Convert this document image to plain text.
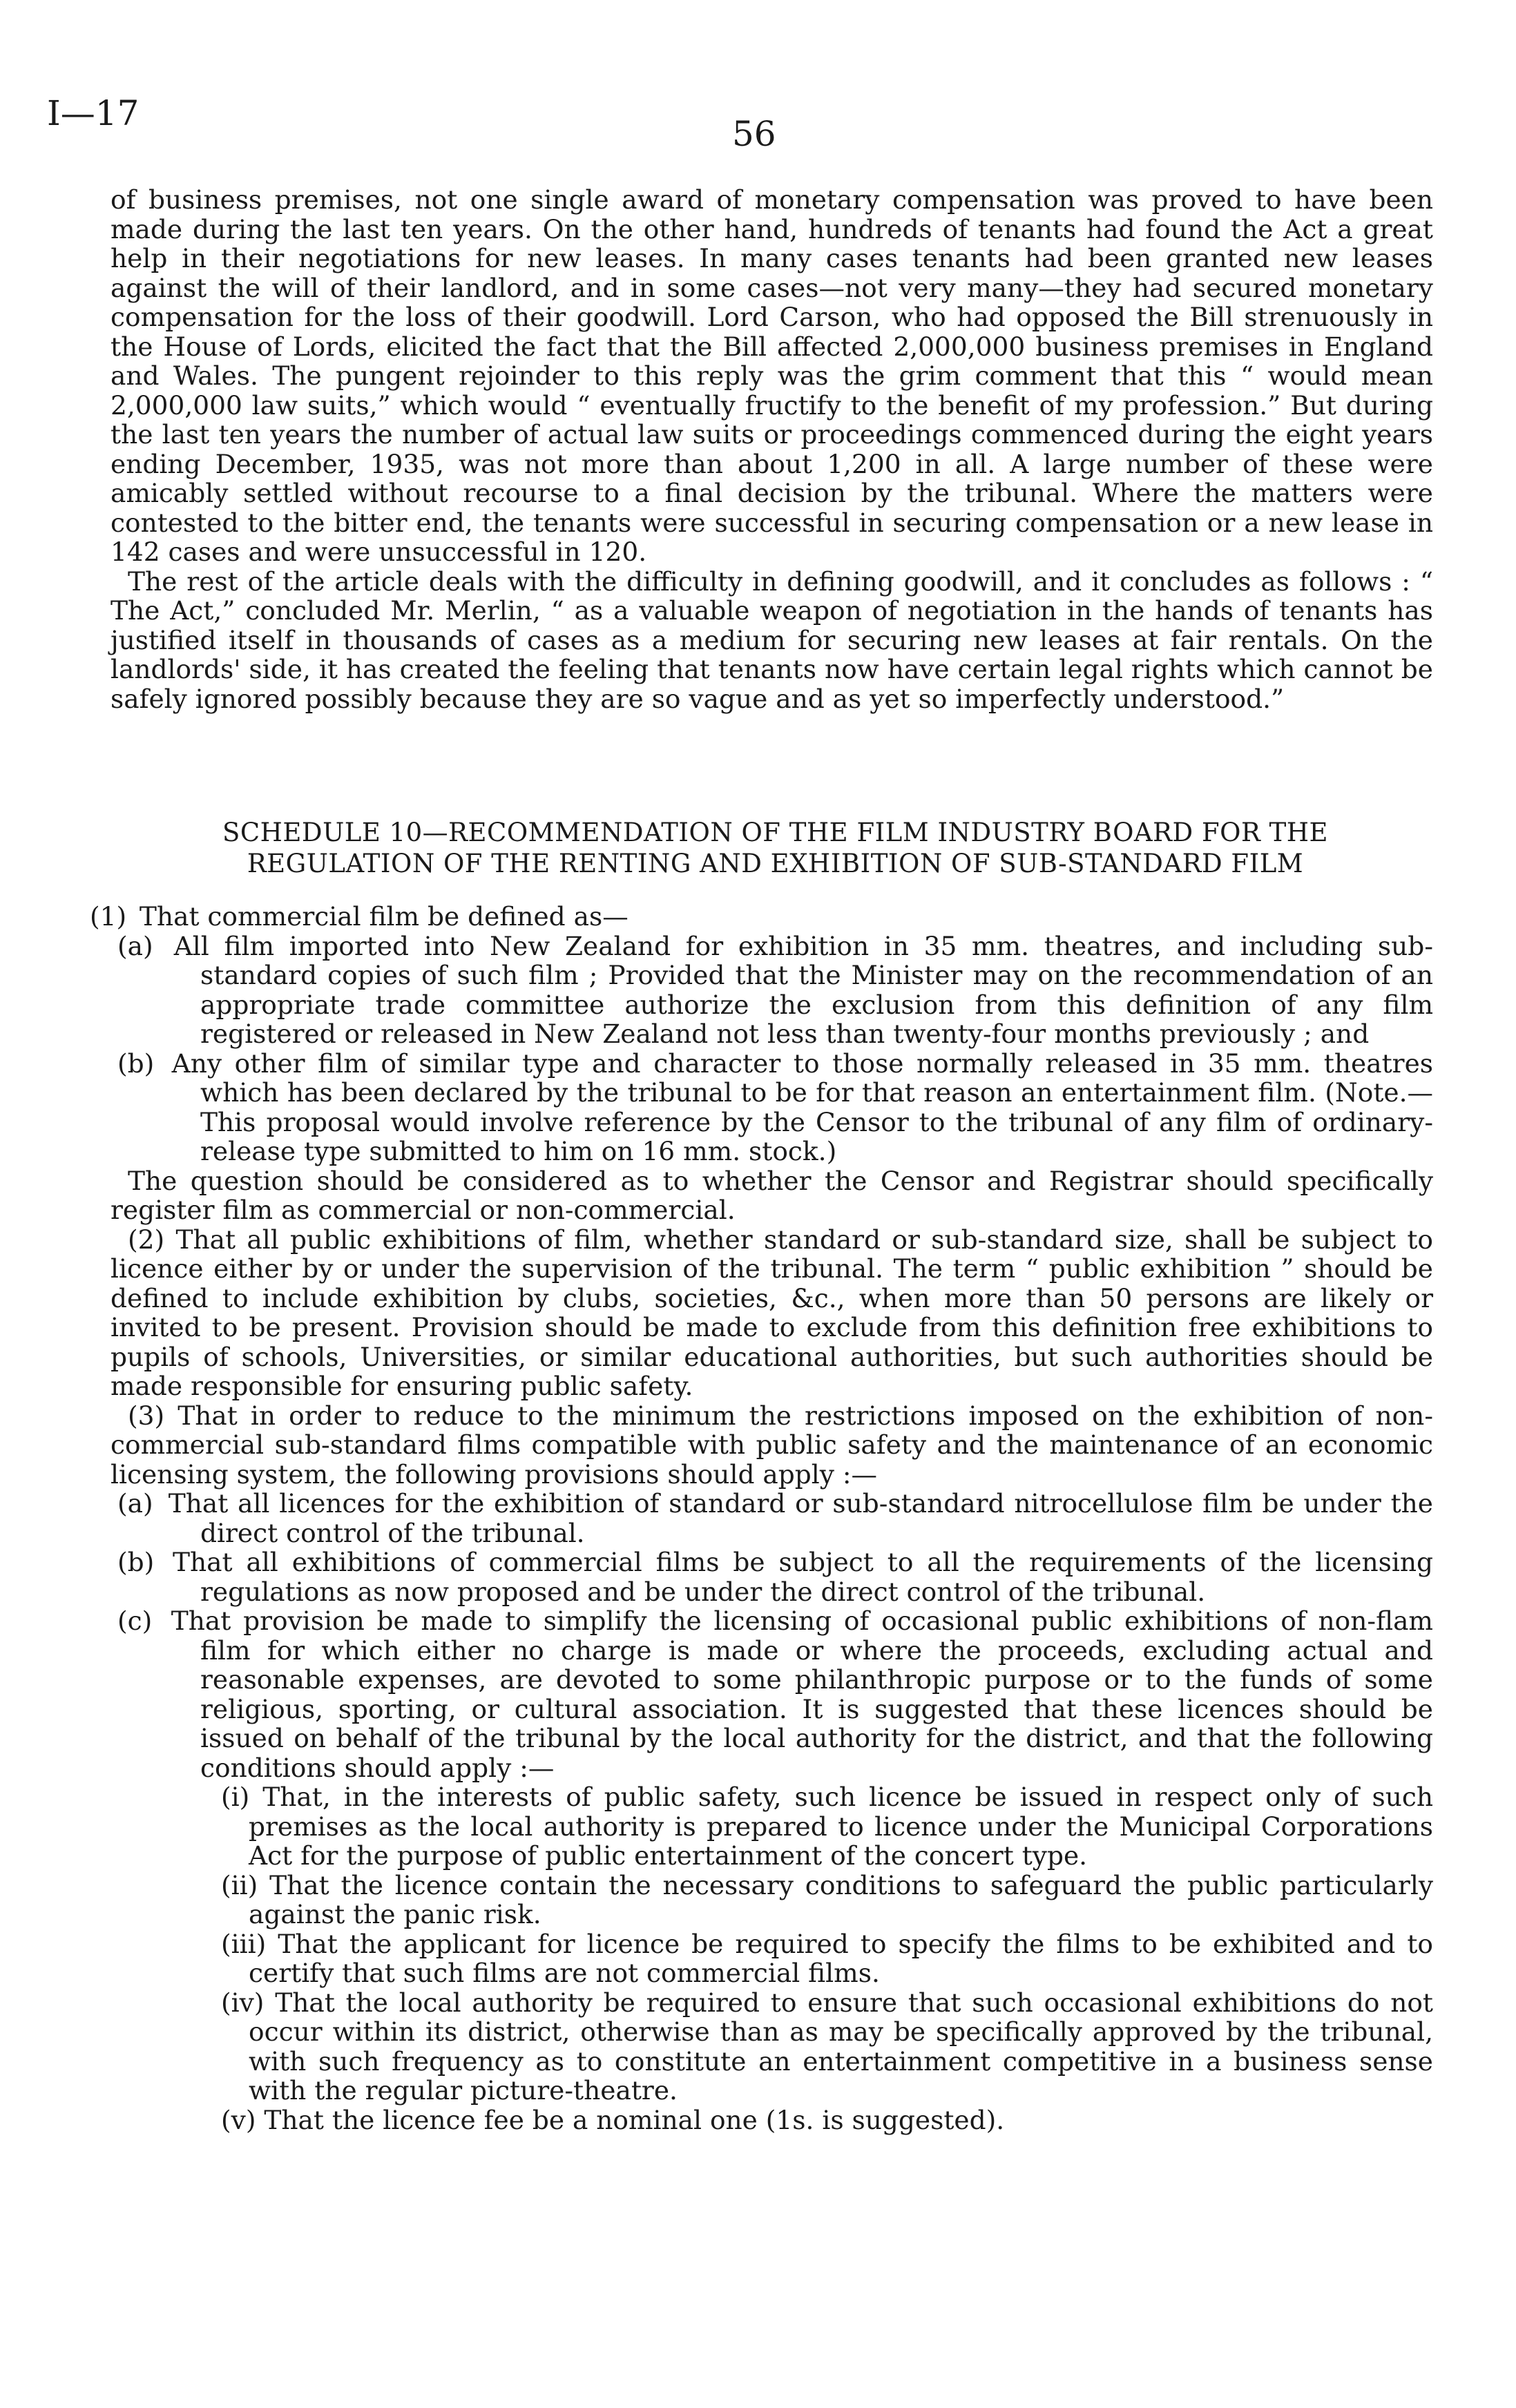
I—17
56

of business premises, not one single award of monetary compensation was proved to have been made during the last ten years. On the other hand, hundreds of tenants had found the Act a great help in their negotiations for new leases. In many cases tenants had been granted new leases against the will of their landlord, and in some cases—not very many—they had secured monetary compensation for the loss of their goodwill. Lord Carson, who had opposed the Bill strenuously in the House of Lords, elicited the fact that the Bill affected 2,000,000 business premises in England and Wales. The pungent rejoinder to this reply was the grim comment that this “ would mean 2,000,000 law suits,” which would “ eventually fructify to the benefit of my profession.” But during the last ten years the number of actual law suits or proceedings commenced during the eight years ending December, 1935, was not more than about 1,200 in all. A large number of these were amicably settled without recourse to a final decision by the tribunal. Where the matters were contested to the bitter end, the tenants were successful in securing compensation or a new lease in 142 cases and were unsuccessful in 120.

The rest of the article deals with the difficulty in defining goodwill, and it concludes as follows : “ The Act,” concluded Mr. Merlin, “ as a valuable weapon of negotiation in the hands of tenants has justified itself in thousands of cases as a medium for securing new leases at fair rentals. On the landlords' side, it has created the feeling that tenants now have certain legal rights which cannot be safely ignored possibly because they are so vague and as yet so imperfectly understood.”

SCHEDULE 10—RECOMMENDATION OF THE FILM INDUSTRY BOARD FOR THE
REGULATION OF THE RENTING AND EXHIBITION OF SUB-STANDARD FILM

(1) That commercial film be defined as—

(a) All film imported into New Zealand for exhibition in 35 mm. theatres, and including sub-standard copies of such film ; Provided that the Minister may on the recommendation of an appropriate trade committee authorize the exclusion from this definition of any film registered or released in New Zealand not less than twenty-four months previously ; and

(b) Any other film of similar type and character to those normally released in 35 mm. theatres which has been declared by the tribunal to be for that reason an entertainment film. (Note.—This proposal would involve reference by the Censor to the tribunal of any film of ordinary-release type submitted to him on 16 mm. stock.)

The question should be considered as to whether the Censor and Registrar should specifically register film as commercial or non-commercial.

(2) That all public exhibitions of film, whether standard or sub-standard size, shall be subject to licence either by or under the supervision of the tribunal. The term “ public exhibition ” should be defined to include exhibition by clubs, societies, &c., when more than 50 persons are likely or invited to be present. Provision should be made to exclude from this definition free exhibitions to pupils of schools, Universities, or similar educational authorities, but such authorities should be made responsible for ensuring public safety.

(3) That in order to reduce to the minimum the restrictions imposed on the exhibition of non-commercial sub-standard films compatible with public safety and the maintenance of an economic licensing system, the following provisions should apply :—

(a) That all licences for the exhibition of standard or sub-standard nitrocellulose film be under the direct control of the tribunal.

(b) That all exhibitions of commercial films be subject to all the requirements of the licensing regulations as now proposed and be under the direct control of the tribunal.

(c) That provision be made to simplify the licensing of occasional public exhibitions of non-flam film for which either no charge is made or where the proceeds, excluding actual and reasonable expenses, are devoted to some philanthropic purpose or to the funds of some religious, sporting, or cultural association. It is suggested that these licences should be issued on behalf of the tribunal by the local authority for the district, and that the following conditions should apply :—

(i) That, in the interests of public safety, such licence be issued in respect only of such premises as the local authority is prepared to licence under the Municipal Corporations Act for the purpose of public entertainment of the concert type.

(ii) That the licence contain the necessary conditions to safeguard the public particularly against the panic risk.

(iii) That the applicant for licence be required to specify the films to be exhibited and to certify that such films are not commercial films.

(iv) That the local authority be required to ensure that such occasional exhibitions do not occur within its district, otherwise than as may be specifically approved by the tribunal, with such frequency as to constitute an entertainment competitive in a business sense with the regular picture-theatre.

(v) That the licence fee be a nominal one (1s. is suggested).
